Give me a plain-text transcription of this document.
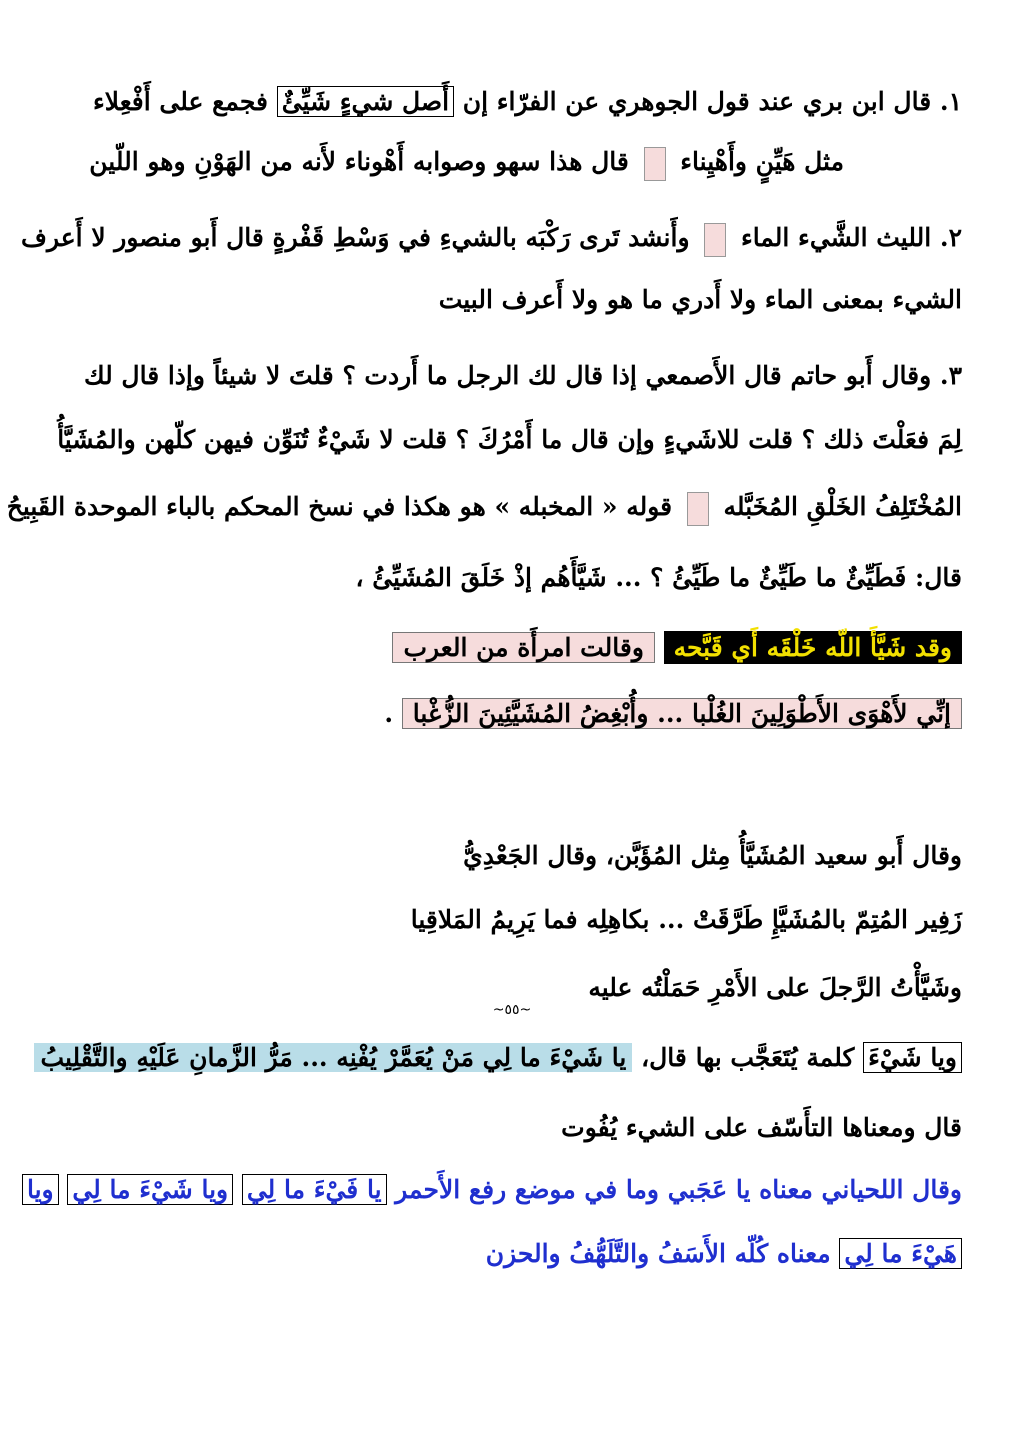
١. قال ابن بري عند قول الجوهري عن الفرّاء إن أَصل شيءٍ شَيِّئٌ فجمع على أَفْعِلاء
مثل هَيِّنٍ وأَهْيِناء  قال هذا سهو وصوابه أَهْوناء لأَنه من الهَوْنِ وهو اللّين
٢. الليث الشَّيء الماء  وأَنشد تَرى رَكْبَه بالشيءِ في وَسْطِ قَفْرةٍ قال أَبو منصور لا أَعرف
الشيء بمعنى الماء ولا أَدري ما هو ولا أَعرف البيت
٣. وقال أَبو حاتم قال الأَصمعي إذا قال لك الرجل ما أَردت ؟ قلتَ لا شيئاً وإذا قال لك
لِمَ فعَلْتَ ذلك ؟ قلت للاشَيءٍ وإن قال ما أَمْرُكَ ؟ قلت لا شَيْءٌ تُنَوِّن فيهن كلّهن والمُشَيَّأُ
المُخْتَلِفُ الخَلْقِ المُخَبَّله  قوله « المخبله » هو هكذا في نسخ المحكم بالباء الموحدة القَبِيحُ
قال: فَطَيِّئٌ ما طَيِّئٌ ما طَيِّئُ ؟ ... شَيَّأَهُم إذْ خَلَقَ المُشَيِّئُ ،
وقد شَيَّأَ اللّه خَلْقَه أَي قَبَّحه وقالت امرأَة من العرب
إنِّي لأَهْوَى الأَطْوَلِينَ الغُلْبا ... وأُبْغِضُ المُشَيَّئِينَ الزُّغْبا .
وقال أَبو سعيد المُشَيَّأُ مِثل المُؤَبَّن، وقال الجَعْدِيُّ
زَفِير المُتِمّ بالمُشَيَّإِ طَرَّقَتْ ... بكاهِلِه فما يَرِيمُ المَلاقِيا
وشَيَّأْتُ الرَّجلَ على الأَمْرِ حَمَلْتُه عليه
ويا شَيْءَ كلمة يُتَعَجَّب بها قال، يا شَيْءَ ما لِي مَنْ يُعَمَّرْ يُفْنِه ... مَرُّ الزَّمانِ عَلَيْهِ والتَّقْلِيبُ
قال ومعناها التأَسّف على الشيء يُفُوت
وقال اللحياني معناه يا عَجَبي وما في موضع رفع الأَحمر يا فَيْءَ ما لِي ويا شَيْءَ ما لِي ويا
هَيْءَ ما لِي معناه كُلّه الأَسَفُ والتَّلَهُّفُ والحزن
~٥٥~
